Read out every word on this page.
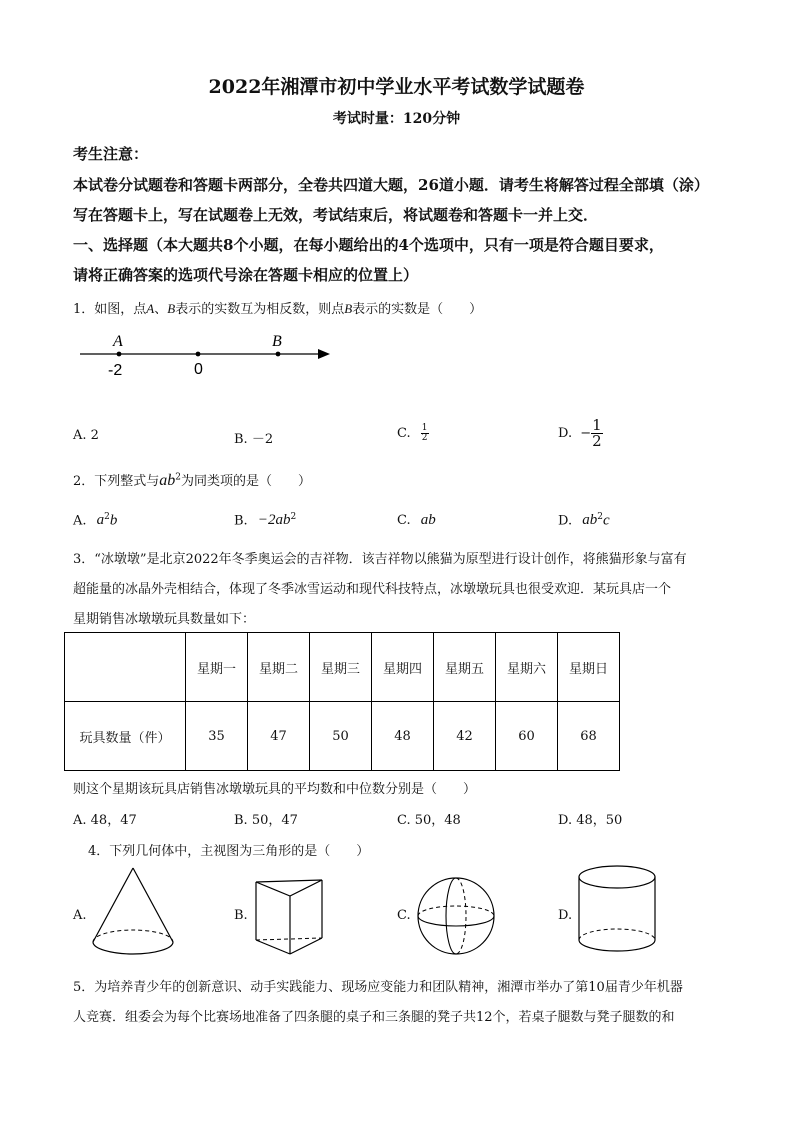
2022年湘潭市初中学业水平考试数学试题卷
考试时量：120分钟
考生注意：
本试卷分试题卷和答题卡两部分，全卷共四道大题，26道小题．请考生将解答过程全部填（涂）
写在答题卡上，写在试题卷上无效，考试结束后，将试题卷和答题卡一并上交．
一、选择题（本大题共8个小题，在每小题给出的4个选项中，只有一项是符合题目要求，
请将正确答案的选项代号涂在答题卡相应的位置上）
1．如图，点A、B表示的实数互为相反数，则点B表示的实数是（　　）
A	B
-2	0
A. 2	B. －2	C. $\frac{1}{2}$	D. − $\frac{1}{2}$
2．下列整式与$ab^2$为同类项的是（　　）
A. $a^2b$	B. $-2ab^2$	C. ab	D. $ab^2c$
3．“冰墩墩”是北京2022年冬季奥运会的吉祥物．该吉祥物以熊猫为原型进行设计创作，将熊猫形象与富有
超能量的冰晶外壳相结合，体现了冬季冰雪运动和现代科技特点，冰墩墩玩具也很受欢迎．某玩具店一个
星期销售冰墩墩玩具数量如下：
	星期一	星期二	星期三	星期四	星期五	星期六	星期日
玩具数量（件）	35	47	50	48	42	60	68
则这个星期该玩具店销售冰墩墩玩具的平均数和中位数分别是（　　）
A. 48，47	B. 50，47	C. 50，48	D. 48，50
4．下列几何体中，主视图为三角形的是（　　）
A.	B.	C.	D.
5．为培养青少年的创新意识、动手实践能力、现场应变能力和团队精神，湘潭市举办了第10届青少年机器
人竞赛．组委会为每个比赛场地准备了四条腿的桌子和三条腿的凳子共12个，若桌子腿数与凳子腿数的和
